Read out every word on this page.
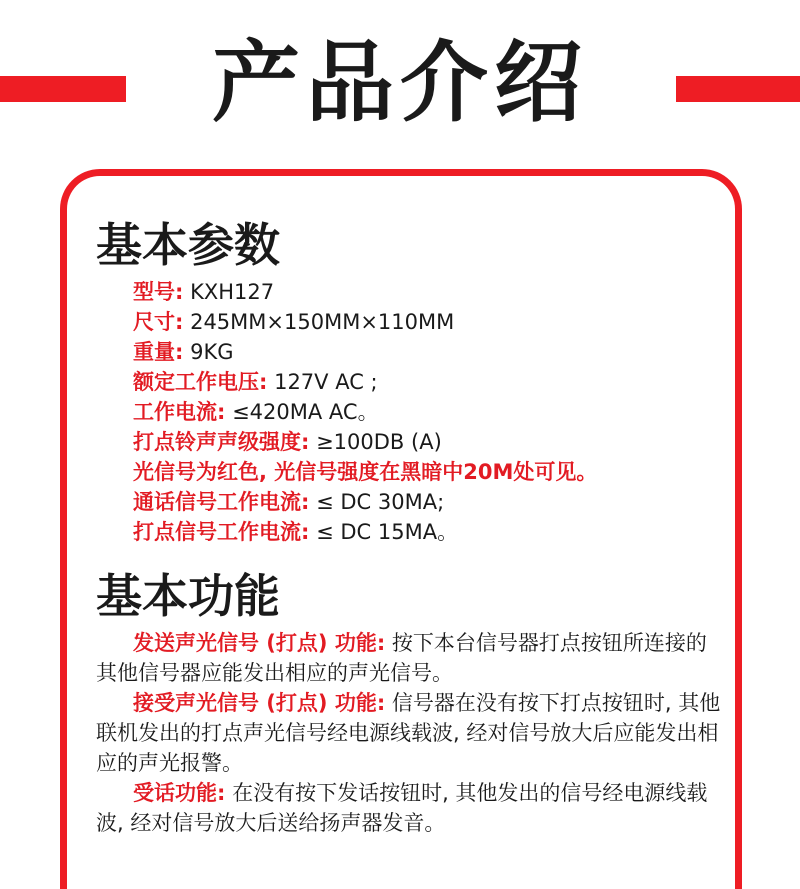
产品介绍
基本参数
型号: KXH127
尺寸: 245MM×150MM×110MM
重量: 9KG
额定工作电压: 127V AC ;
工作电流: ≤420MA AC。
打点铃声声级强度: ≥100DB (A)
光信号为红色, 光信号强度在黑暗中20M处可见。
通话信号工作电流: ≤ DC 30MA;
打点信号工作电流: ≤ DC 15MA。
基本功能
发送声光信号 (打点) 功能: 按下本台信号器打点按钮所连接的其他信号器应能发出相应的声光信号。
接受声光信号 (打点) 功能: 信号器在没有按下打点按钮时, 其他联机发出的打点声光信号经电源线载波, 经对信号放大后应能发出相应的声光报警。
受话功能: 在没有按下发话按钮时, 其他发出的信号经电源线载波, 经对信号放大后送给扬声器发音。
